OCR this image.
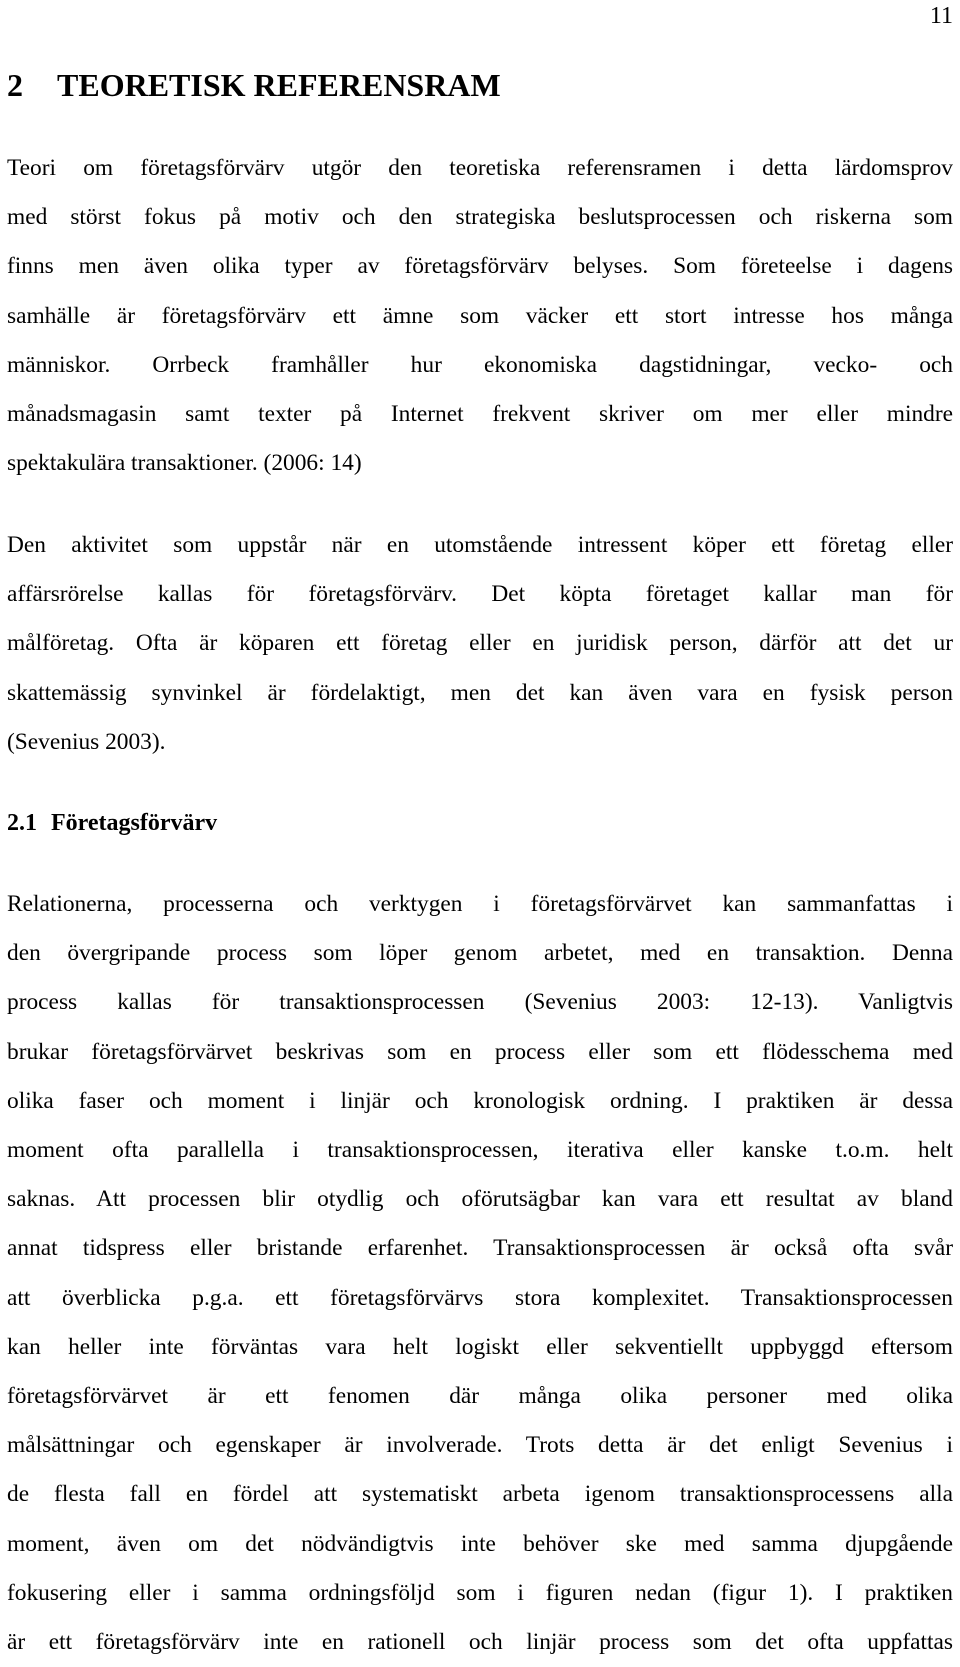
11
2 TEORETISK REFERENSRAM

Teori om företagsförvärv utgör den teoretiska referensramen i detta lärdomsprov
med störst fokus på motiv och den strategiska beslutsprocessen och riskerna som
finns men även olika typer av företagsförvärv belyses. Som företeelse i dagens
samhälle är företagsförvärv ett ämne som väcker ett stort intresse hos många
människor. Orrbeck framhåller hur ekonomiska dagstidningar, vecko- och
månadsmagasin samt texter på Internet frekvent skriver om mer eller mindre
spektakulära transaktioner. (2006: 14)

Den aktivitet som uppstår när en utomstående intressent köper ett företag eller
affärsrörelse kallas för företagsförvärv. Det köpta företaget kallar man för
målföretag. Ofta är köparen ett företag eller en juridisk person, därför att det ur
skattemässig synvinkel är fördelaktigt, men det kan även vara en fysisk person
(Sevenius 2003).

2.1 Företagsförvärv

Relationerna, processerna och verktygen i företagsförvärvet kan sammanfattas i
den övergripande process som löper genom arbetet, med en transaktion. Denna
process kallas för transaktionsprocessen (Sevenius 2003: 12-13). Vanligtvis
brukar företagsförvärvet beskrivas som en process eller som ett flödesschema med
olika faser och moment i linjär och kronologisk ordning. I praktiken är dessa
moment ofta parallella i transaktionsprocessen, iterativa eller kanske t.o.m. helt
saknas. Att processen blir otydlig och oförutsägbar kan vara ett resultat av bland
annat tidspress eller bristande erfarenhet. Transaktionsprocessen är också ofta svår
att överblicka p.g.a. ett företagsförvärvs stora komplexitet. Transaktionsprocessen
kan heller inte förväntas vara helt logiskt eller sekventiellt uppbyggd eftersom
företagsförvärvet är ett fenomen där många olika personer med olika
målsättningar och egenskaper är involverade. Trots detta är det enligt Sevenius i
de flesta fall en fördel att systematiskt arbeta igenom transaktionsprocessens alla
moment, även om det nödvändigtvis inte behöver ske med samma djupgående
fokusering eller i samma ordningsföljd som i figuren nedan (figur 1). I praktiken
är ett företagsförvärv inte en rationell och linjär process som det ofta uppfattas
